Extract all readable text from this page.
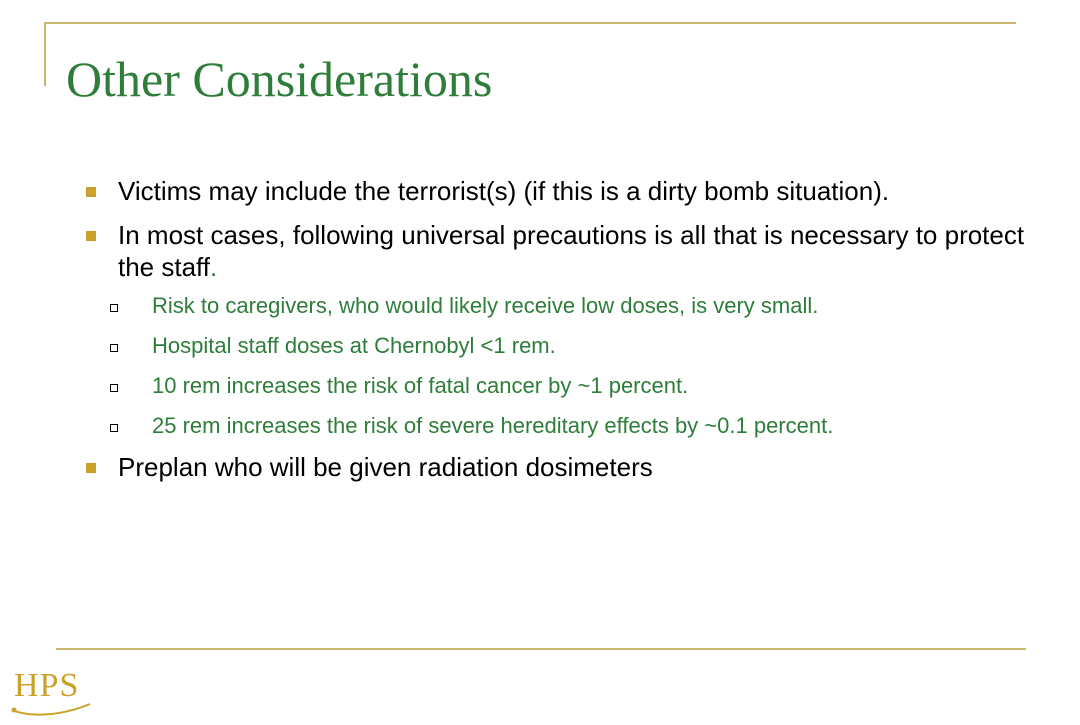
Other Considerations
Victims may include the terrorist(s) (if this is a dirty bomb situation).
In most cases, following universal precautions is all that is necessary to protect the staff.
Risk to caregivers, who would likely receive low doses, is very small.
Hospital staff doses at Chernobyl <1 rem.
10 rem increases the risk of fatal cancer by ~1 percent.
25 rem increases the risk of severe hereditary effects by ~0.1 percent.
Preplan who will be given radiation dosimeters
HPS
